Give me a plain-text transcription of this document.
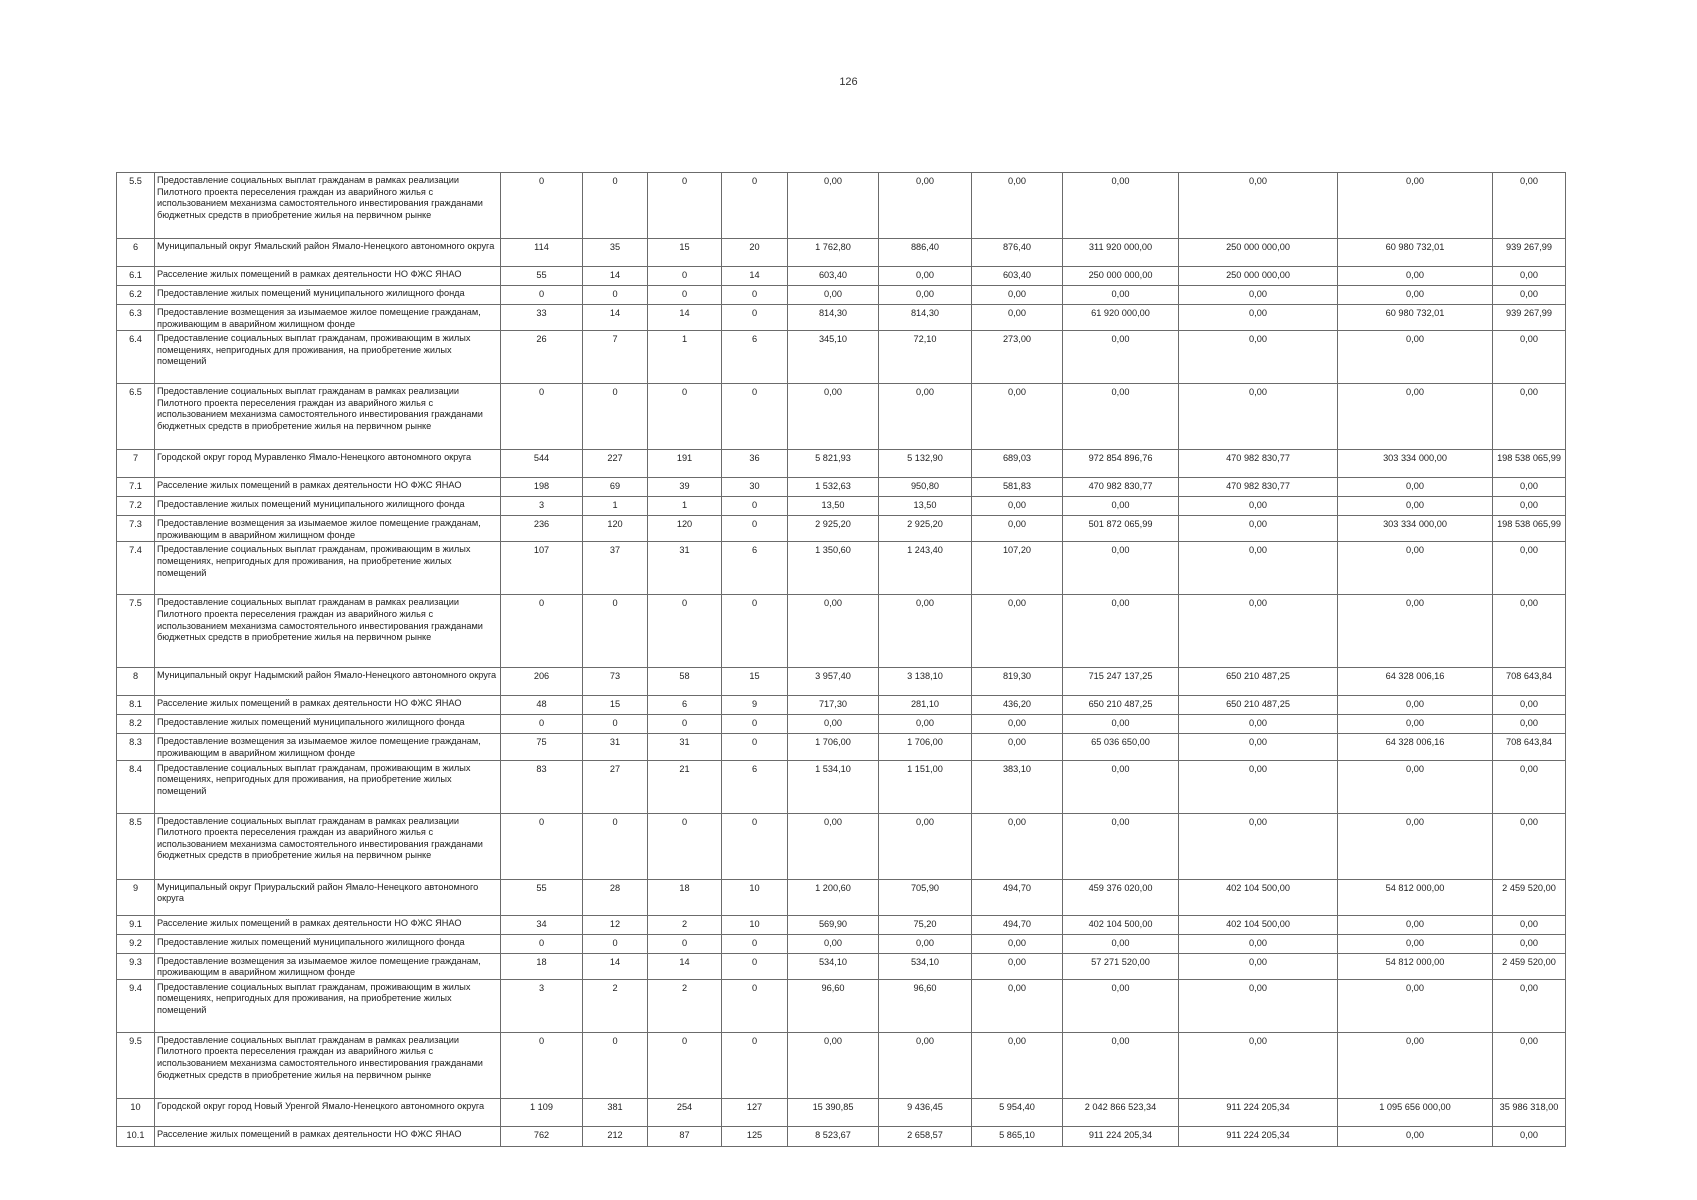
126
5.5	Предоставление социальных выплат гражданам в рамках реализации Пилотного проекта переселения граждан из аварийного жилья с использованием механизма самостоятельного инвестирования гражданами бюджетных средств в приобретение жилья на первичном рынке	0	0	0	0	0,00	0,00	0,00	0,00	0,00	0,00	0,00
6	Муниципальный округ Ямальский район Ямало-Ненецкого автономного округа	114	35	15	20	1 762,80	886,40	876,40	311 920 000,00	250 000 000,00	60 980 732,01	939 267,99
6.1	Расселение жилых помещений в рамках деятельности НО ФЖС ЯНАО	55	14	0	14	603,40	0,00	603,40	250 000 000,00	250 000 000,00	0,00	0,00
6.2	Предоставление жилых помещений муниципального жилищного фонда	0	0	0	0	0,00	0,00	0,00	0,00	0,00	0,00	0,00
6.3	Предоставление возмещения за изымаемое жилое помещение гражданам, проживающим в аварийном жилищном фонде	33	14	14	0	814,30	814,30	0,00	61 920 000,00	0,00	60 980 732,01	939 267,99
6.4	Предоставление социальных выплат гражданам, проживающим в жилых помещениях, непригодных для проживания, на приобретение жилых помещений	26	7	1	6	345,10	72,10	273,00	0,00	0,00	0,00	0,00
6.5	Предоставление социальных выплат гражданам в рамках реализации Пилотного проекта переселения граждан из аварийного жилья с использованием механизма самостоятельного инвестирования гражданами бюджетных средств в приобретение жилья на первичном рынке	0	0	0	0	0,00	0,00	0,00	0,00	0,00	0,00	0,00
7	Городской округ город Муравленко Ямало-Ненецкого автономного округа	544	227	191	36	5 821,93	5 132,90	689,03	972 854 896,76	470 982 830,77	303 334 000,00	198 538 065,99
7.1	Расселение жилых помещений в рамках деятельности НО ФЖС ЯНАО	198	69	39	30	1 532,63	950,80	581,83	470 982 830,77	470 982 830,77	0,00	0,00
7.2	Предоставление жилых помещений муниципального жилищного фонда	3	1	1	0	13,50	13,50	0,00	0,00	0,00	0,00	0,00
7.3	Предоставление возмещения за изымаемое жилое помещение гражданам, проживающим в аварийном жилищном фонде	236	120	120	0	2 925,20	2 925,20	0,00	501 872 065,99	0,00	303 334 000,00	198 538 065,99
7.4	Предоставление социальных выплат гражданам, проживающим в жилых помещениях, непригодных для проживания, на приобретение жилых помещений	107	37	31	6	1 350,60	1 243,40	107,20	0,00	0,00	0,00	0,00
7.5	Предоставление социальных выплат гражданам в рамках реализации Пилотного проекта переселения граждан из аварийного жилья с использованием механизма самостоятельного инвестирования гражданами бюджетных средств в приобретение жилья на первичном рынке	0	0	0	0	0,00	0,00	0,00	0,00	0,00	0,00	0,00
8	Муниципальный округ Надымский район Ямало-Ненецкого автономного округа	206	73	58	15	3 957,40	3 138,10	819,30	715 247 137,25	650 210 487,25	64 328 006,16	708 643,84
8.1	Расселение жилых помещений в рамках деятельности НО ФЖС ЯНАО	48	15	6	9	717,30	281,10	436,20	650 210 487,25	650 210 487,25	0,00	0,00
8.2	Предоставление жилых помещений муниципального жилищного фонда	0	0	0	0	0,00	0,00	0,00	0,00	0,00	0,00	0,00
8.3	Предоставление возмещения за изымаемое жилое помещение гражданам, проживающим в аварийном жилищном фонде	75	31	31	0	1 706,00	1 706,00	0,00	65 036 650,00	0,00	64 328 006,16	708 643,84
8.4	Предоставление социальных выплат гражданам, проживающим в жилых помещениях, непригодных для проживания, на приобретение жилых помещений	83	27	21	6	1 534,10	1 151,00	383,10	0,00	0,00	0,00	0,00
8.5	Предоставление социальных выплат гражданам в рамках реализации Пилотного проекта переселения граждан из аварийного жилья с использованием механизма самостоятельного инвестирования гражданами бюджетных средств в приобретение жилья на первичном рынке	0	0	0	0	0,00	0,00	0,00	0,00	0,00	0,00	0,00
9	Муниципальный округ Приуральский район Ямало-Ненецкого автономного округа	55	28	18	10	1 200,60	705,90	494,70	459 376 020,00	402 104 500,00	54 812 000,00	2 459 520,00
9.1	Расселение жилых помещений в рамках деятельности НО ФЖС ЯНАО	34	12	2	10	569,90	75,20	494,70	402 104 500,00	402 104 500,00	0,00	0,00
9.2	Предоставление жилых помещений муниципального жилищного фонда	0	0	0	0	0,00	0,00	0,00	0,00	0,00	0,00	0,00
9.3	Предоставление возмещения за изымаемое жилое помещение гражданам, проживающим в аварийном жилищном фонде	18	14	14	0	534,10	534,10	0,00	57 271 520,00	0,00	54 812 000,00	2 459 520,00
9.4	Предоставление социальных выплат гражданам, проживающим в жилых помещениях, непригодных для проживания, на приобретение жилых помещений	3	2	2	0	96,60	96,60	0,00	0,00	0,00	0,00	0,00
9.5	Предоставление социальных выплат гражданам в рамках реализации Пилотного проекта переселения граждан из аварийного жилья с использованием механизма самостоятельного инвестирования гражданами бюджетных средств в приобретение жилья на первичном рынке	0	0	0	0	0,00	0,00	0,00	0,00	0,00	0,00	0,00
10	Городской округ город Новый Уренгой Ямало-Ненецкого автономного округа	1 109	381	254	127	15 390,85	9 436,45	5 954,40	2 042 866 523,34	911 224 205,34	1 095 656 000,00	35 986 318,00
10.1	Расселение жилых помещений в рамках деятельности НО ФЖС ЯНАО	762	212	87	125	8 523,67	2 658,57	5 865,10	911 224 205,34	911 224 205,34	0,00	0,00
